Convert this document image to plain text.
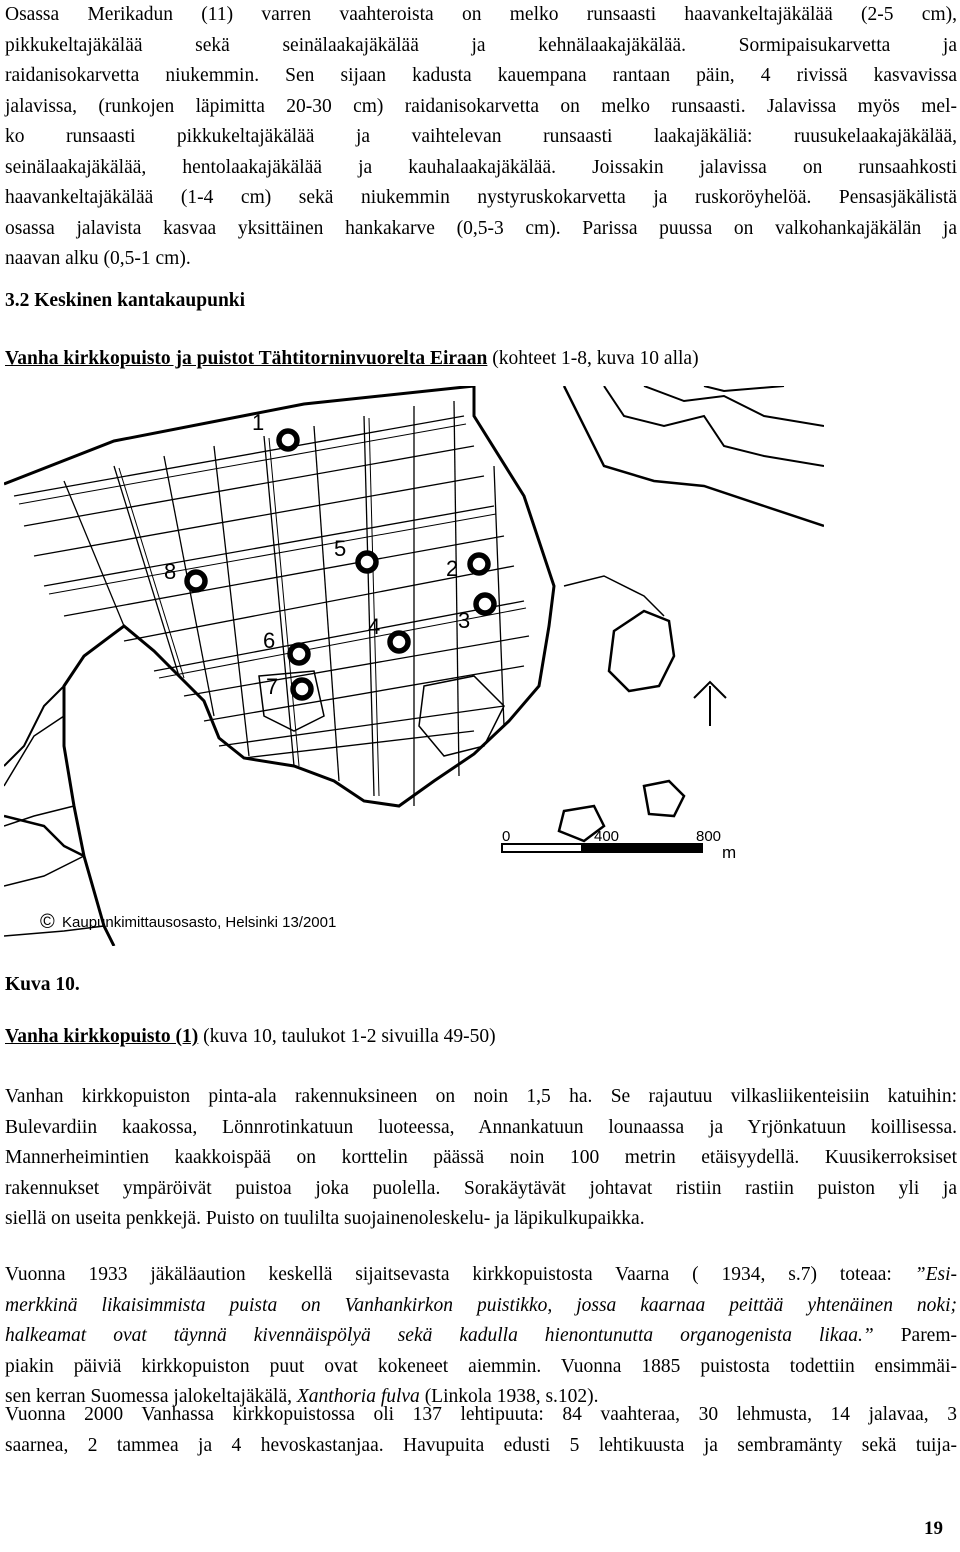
Osassa Merikadun (11) varren vaahteroista on melko runsaasti haavankeltajäkälää (2-5 cm),
pikkukeltajäkälää sekä seinälaakajäkälää ja kehnälaakajäkälää. Sormipaisukarvetta ja
raidanisokarvetta niukemmin. Sen sijaan kadusta kauempana rantaan päin, 4 rivissä kasvavissa
jalavissa, (runkojen läpimitta 20-30 cm) raidanisokarvetta on melko runsaasti. Jalavissa myös mel-
ko runsaasti pikkukeltajäkälää ja vaihtelevan runsaasti laakajäkäliä: ruusukelaakajäkälää,
seinälaakajäkälää, hentolaakajäkälää ja kauhalaakajäkälää. Joissakin jalavissa on runsaahkosti
haavankeltajäkälää (1-4 cm) sekä niukemmin nystyruskokarvetta ja ruskoröyhelöä. Pensasjäkälistä
osassa jalavista kasvaa yksittäinen hankakarve (0,5-3 cm). Parissa puussa on valkohankajäkälän ja
naavan alku (0,5-1 cm).

3.2 Keskinen kantakaupunki

Vanha kirkkopuisto ja puistot Tähtitorninvuorelta Eiraan (kohteet 1-8, kuva 10 alla)

1
2
3
4
5
6
7
8
0	400	800
m
© Kaupunkimittausosasto, Helsinki 13/2001

Kuva 10.

Vanha kirkkopuisto (1) (kuva 10, taulukot 1-2 sivuilla 49-50)

Vanhan kirkkopuiston pinta-ala rakennuksineen on noin 1,5 ha. Se rajautuu vilkasliikenteisiin katuihin:
Bulevardiin kaakossa, Lönnrotinkatuun luoteessa, Annankatuun lounaassa ja Yrjönkatuun koillisessa.
Mannerheimintien kaakkoispää on korttelin päässä noin 100 metrin etäisyydellä. Kuusikerroksiset
rakennukset ympäröivät puistoa joka puolella. Sorakäytävät johtavat ristiin rastiin puiston yli ja
siellä on useita penkkejä. Puisto on tuulilta suojainenoleskelu- ja läpikulkupaikka.
Vuonna 1933 jäkäläaution keskellä sijaitsevasta kirkkopuistosta Vaarna ( 1934, s.7) toteaa: ”Esi-
merkkinä likaisimmista puista on Vanhankirkon puistikko, jossa kaarnaa peittää yhtenäinen noki;
halkeamat ovat täynnä kivennäispölyä sekä kadulla hienontunutta organogenista likaa.” Parem-
piakin päiviä kirkkopuiston puut ovat kokeneet aiemmin. Vuonna 1885 puistosta todettiin ensimmäi-
sen kerran Suomessa jalokeltajäkälä, Xanthoria fulva (Linkola 1938, s.102).
Vuonna 2000 Vanhassa kirkkopuistossa oli 137 lehtipuuta: 84 vaahteraa, 30 lehmusta, 14 jalavaa, 3
saarnea, 2 tammea ja 4 hevoskastanjaa. Havupuita edusti 5 lehtikuusta ja sembramänty sekä tuija-
19
